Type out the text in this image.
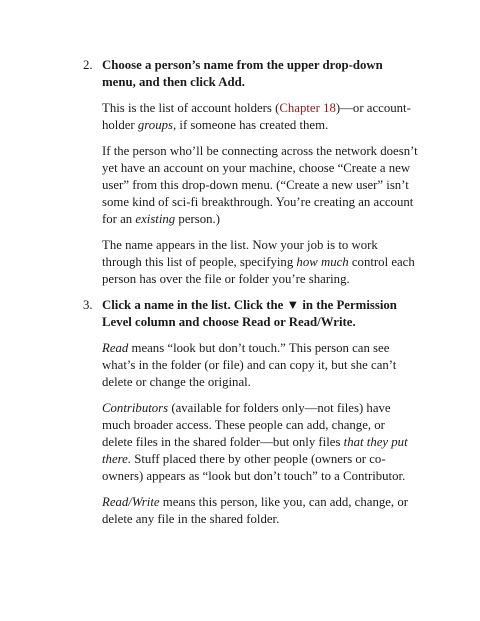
2. Choose a person’s name from the upper drop-down menu, and then click Add.

This is the list of account holders (Chapter 18)—or account-holder groups, if someone has created them.

If the person who’ll be connecting across the network doesn’t yet have an account on your machine, choose “Create a new user” from this drop-down menu. (“Create a new user” isn’t some kind of sci-fi breakthrough. You’re creating an account for an existing person.)

The name appears in the list. Now your job is to work through this list of people, specifying how much control each person has over the file or folder you’re sharing.

3. Click a name in the list. Click the ▼ in the Permission Level column and choose Read or Read/Write.

Read means “look but don’t touch.” This person can see what’s in the folder (or file) and can copy it, but she can’t delete or change the original.

Contributors (available for folders only—not files) have much broader access. These people can add, change, or delete files in the shared folder—but only files that they put there. Stuff placed there by other people (owners or co-owners) appears as “look but don’t touch” to a Contributor.

Read/Write means this person, like you, can add, change, or delete any file in the shared folder.
